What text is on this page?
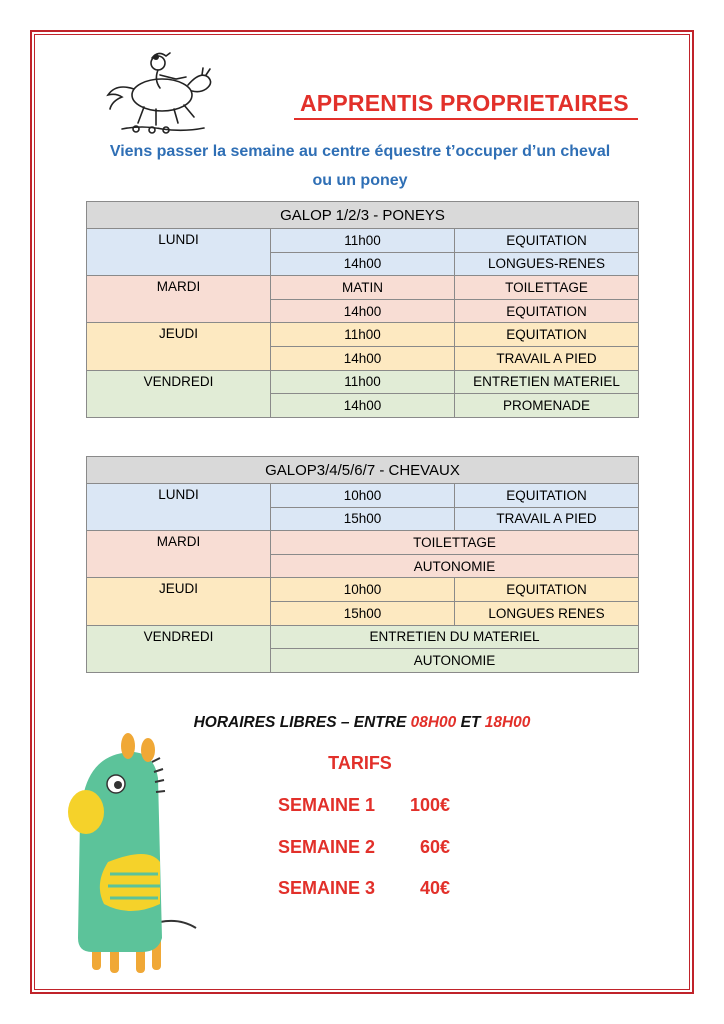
APPRENTIS PROPRIETAIRES
Viens passer la semaine au centre équestre t’occuper d’un cheval
ou un poney
GALOP 1/2/3 - PONEYS		
LUNDI	11h00	EQUITATION
	14h00	LONGUES-RENES
MARDI	MATIN	TOILETTAGE
	14h00	EQUITATION
JEUDI	11h00	EQUITATION
	14h00	TRAVAIL A PIED
VENDREDI	11h00	ENTRETIEN MATERIEL
	14h00	PROMENADE
GALOP3/4/5/6/7 - CHEVAUX		
LUNDI	10h00	EQUITATION
	15h00	TRAVAIL A PIED
MARDI	TOILETTAGE	
	AUTONOMIE	
JEUDI	10h00	EQUITATION
	15h00	LONGUES RENES
VENDREDI	ENTRETIEN DU MATERIEL	
	AUTONOMIE	
HORAIRES LIBRES – ENTRE 08H00 ET 18H00
TARIFS
SEMAINE 1 100€
SEMAINE 2 60€
SEMAINE 3 40€
